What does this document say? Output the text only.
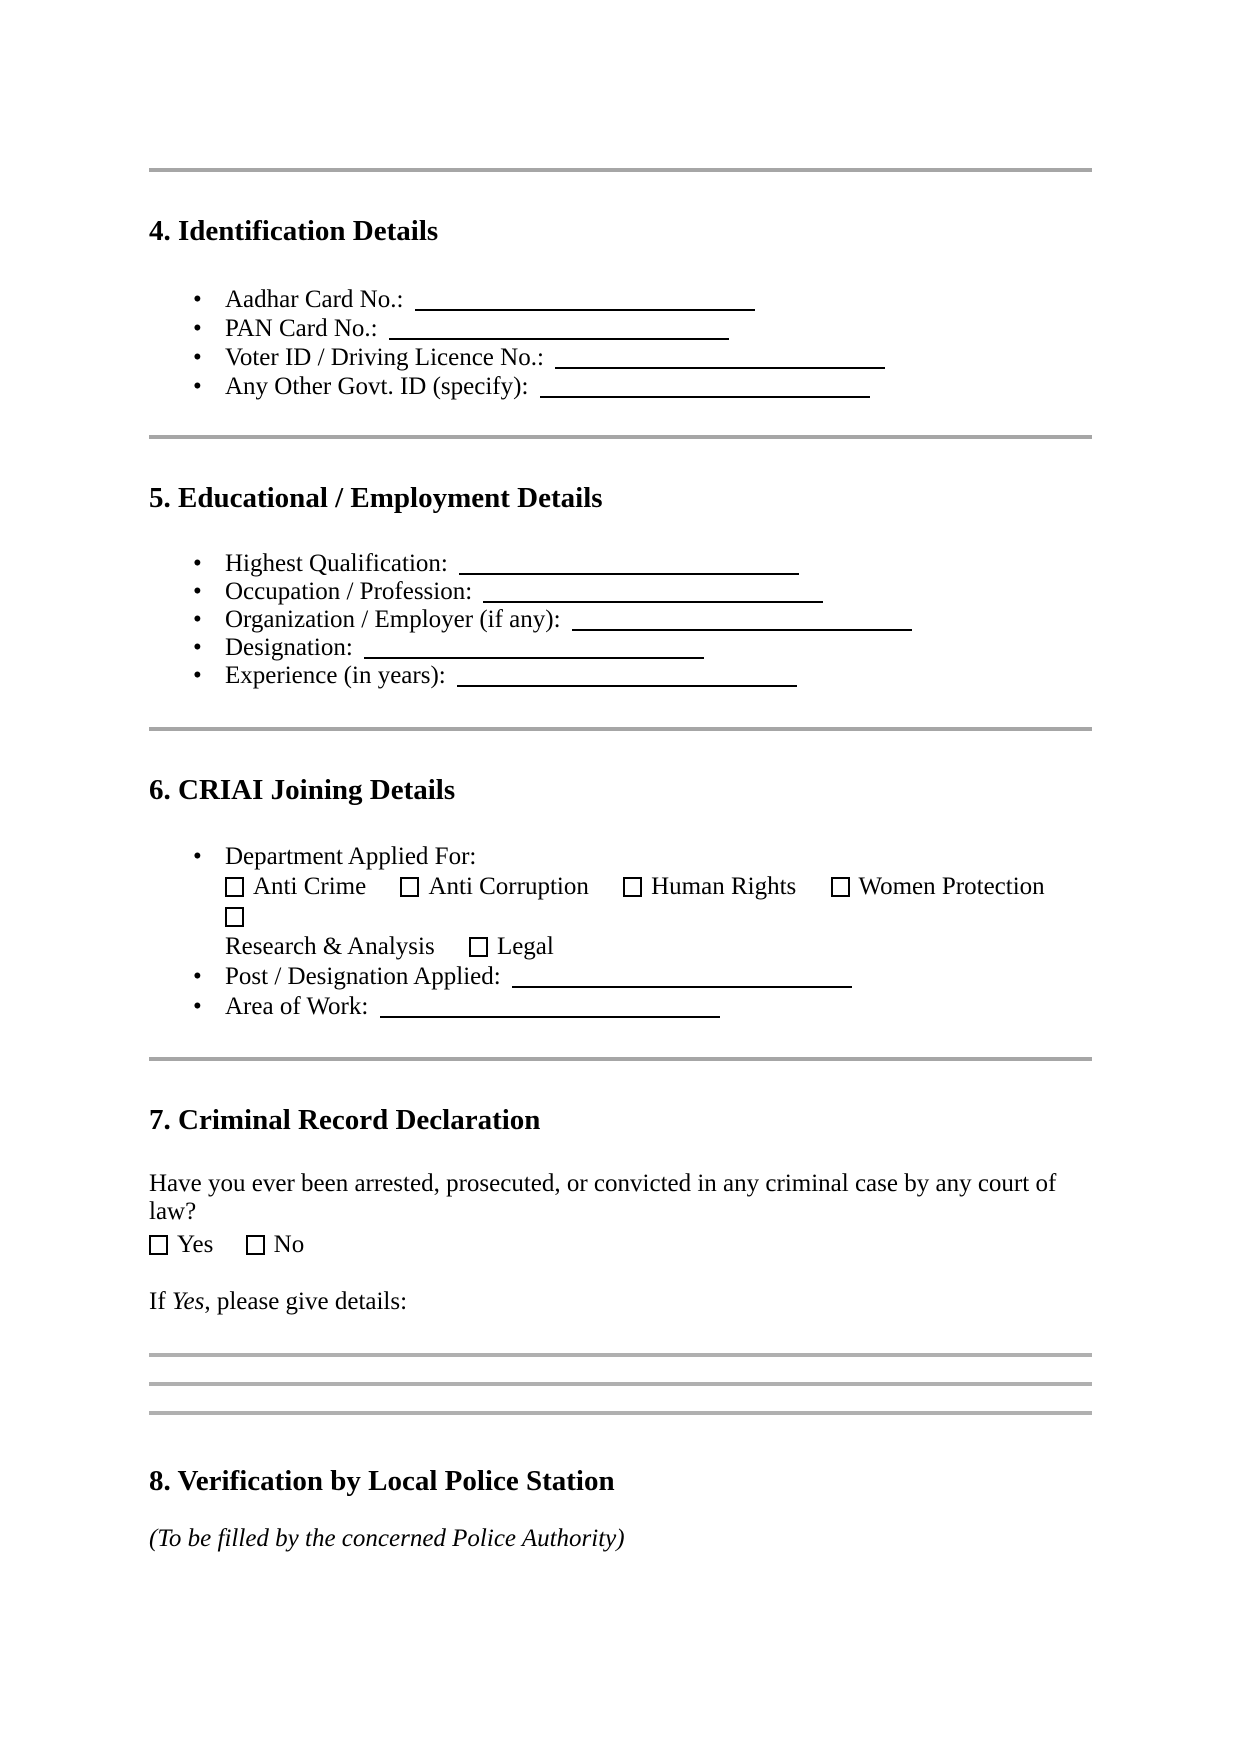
4. Identification Details
• Aadhar Card No.:
• PAN Card No.:
• Voter ID / Driving Licence No.:
• Any Other Govt. ID (specify):
5. Educational / Employment Details
• Highest Qualification:
• Occupation / Profession:
• Organization / Employer (if any):
• Designation:
• Experience (in years):
6. CRIAI Joining Details
• Department Applied For:
Anti Crime Anti Corruption Human Rights Women Protection
Research & Analysis Legal
• Post / Designation Applied:
• Area of Work:
7. Criminal Record Declaration

Have you ever been arrested, prosecuted, or convicted in any criminal case by any court of law?

Yes No

If Yes, please give details:

8. Verification by Local Police Station

(To be filled by the concerned Police Authority)
